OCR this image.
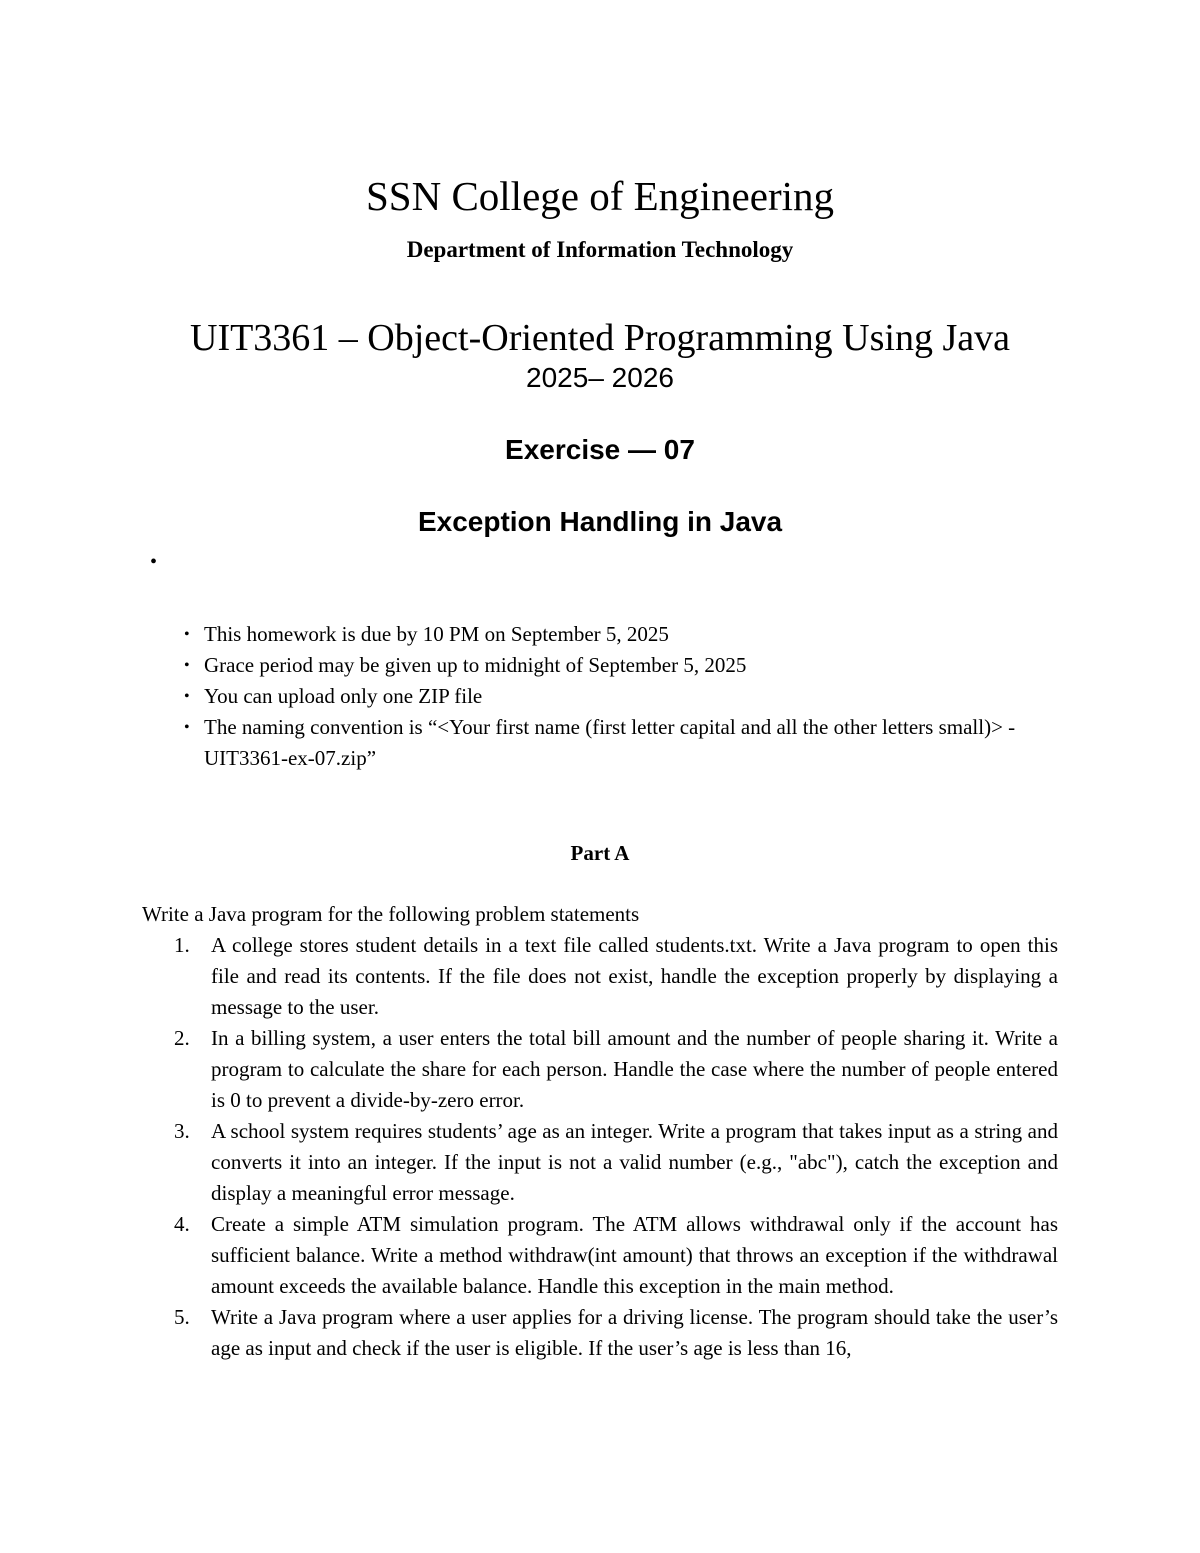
SSN College of Engineering
Department of Information Technology
UIT3361 – Object-Oriented Programming Using Java
2025– 2026
Exercise — 07
Exception Handling in Java
•
• This homework is due by 10 PM on September 5, 2025
• Grace period may be given up to midnight of September 5, 2025
• You can upload only one ZIP file
• The naming convention is “<Your first name (first letter capital and all the other letters small)> - UIT3361-ex-07.zip”
Part A
Write a Java program for the following problem statements
1. A college stores student details in a text file called students.txt. Write a Java program to open this file and read its contents. If the file does not exist, handle the exception properly by displaying a message to the user.
2. In a billing system, a user enters the total bill amount and the number of people sharing it. Write a program to calculate the share for each person. Handle the case where the number of people entered is 0 to prevent a divide-by-zero error.
3. A school system requires students’ age as an integer. Write a program that takes input as a string and converts it into an integer. If the input is not a valid number (e.g., "abc"), catch the exception and display a meaningful error message.
4. Create a simple ATM simulation program. The ATM allows withdrawal only if the account has sufficient balance. Write a method withdraw(int amount) that throws an exception if the withdrawal amount exceeds the available balance. Handle this exception in the main method.
5. Write a Java program where a user applies for a driving license. The program should take the user’s age as input and check if the user is eligible. If the user’s age is less than 16,
